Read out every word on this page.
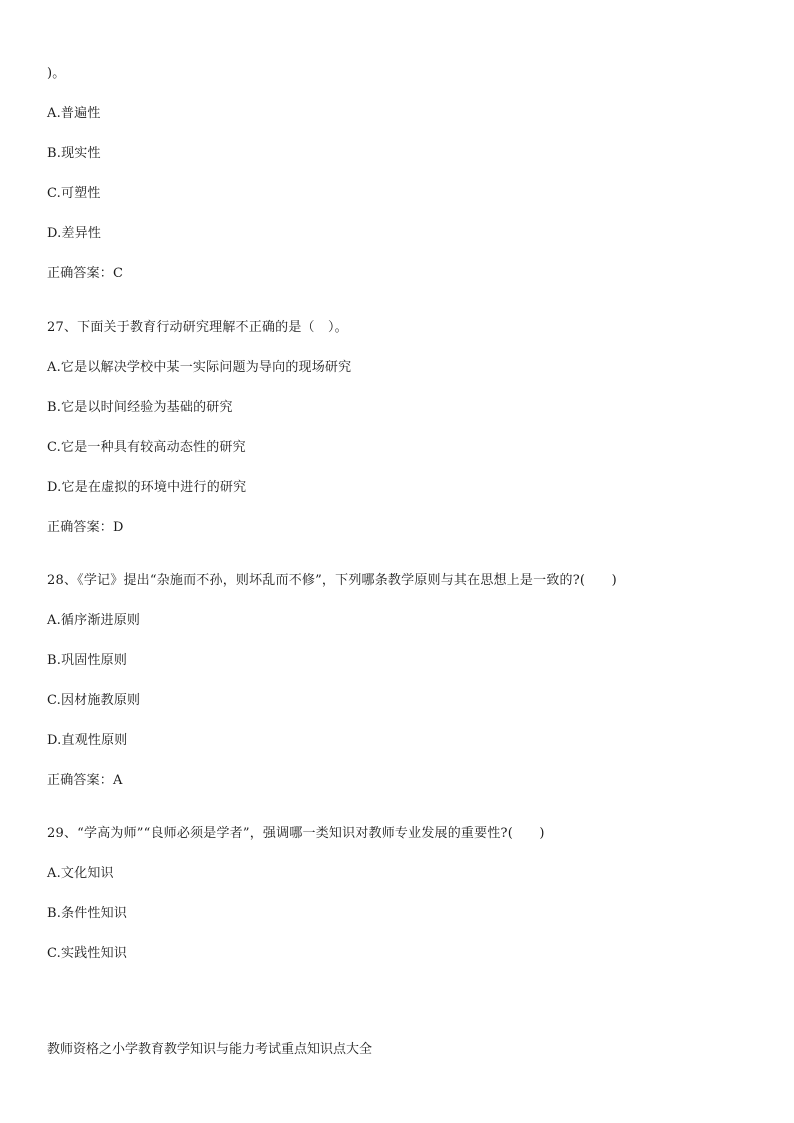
)。
A.普遍性
B.现实性
C.可塑性
D.差异性
正确答案：C
27、下面关于教育行动研究理解不正确的是（　）。
A.它是以解决学校中某一实际问题为导向的现场研究
B.它是以时间经验为基础的研究
C.它是一种具有较高动态性的研究
D.它是在虚拟的环境中进行的研究
正确答案：D
28、《学记》提出“杂施而不孙，则坏乱而不修”，下列哪条教学原则与其在思想上是一致的?(　　)
A.循序渐进原则
B.巩固性原则
C.因材施教原则
D.直观性原则
正确答案：A
29、“学高为师”“良师必须是学者”，强调哪一类知识对教师专业发展的重要性?(　　)
A.文化知识
B.条件性知识
C.实践性知识
教师资格之小学教育教学知识与能力考试重点知识点大全
